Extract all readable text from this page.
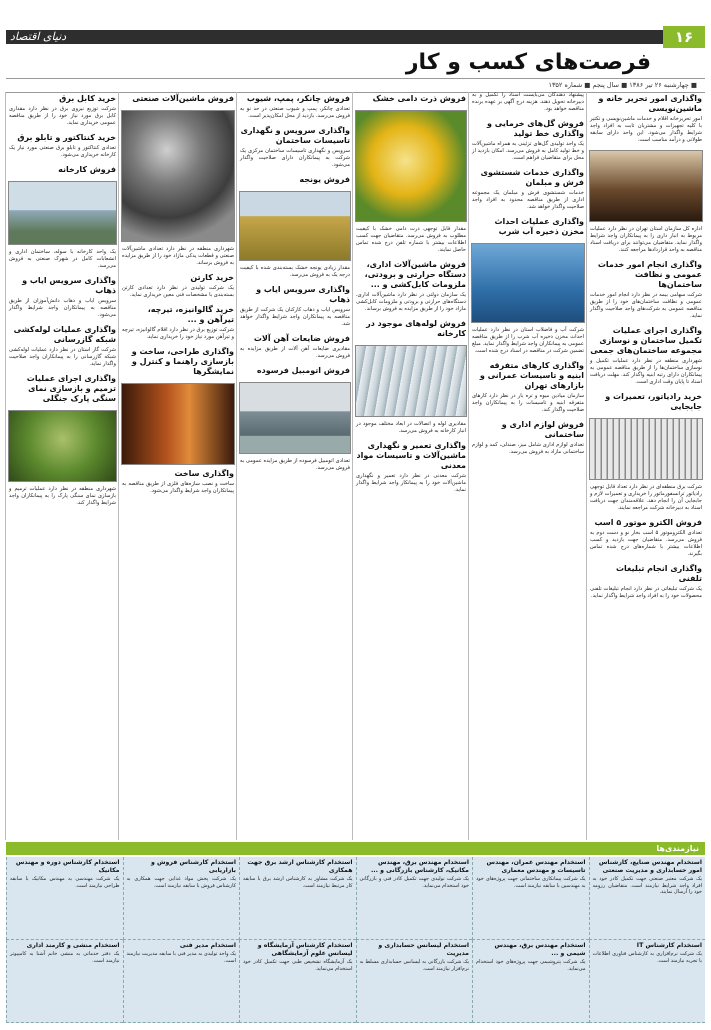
دنیای اقتصاد	۱۶
فرصت‌های کسب و کار
■ چهارشنبه ۲۶ تیر ۱۳۸۶ ■ سال پنجم ■ شماره ۱۳۵۲
واگذاری امور تحریر خانه و ماشین‌نویسی

امور تحریرخانه اقلام و خدمات ماشین‌نویسی و تکثیر با کلیه تجهیزات و مشتریان ثابت به افراد واجد شرایط واگذار می‌شود. این واحد دارای سابقه طولانی و درآمد مناسب است.

اداره کل سازمان استان تهران در نظر دارد عملیات مربوط به انبار داری را به پیمانکاران واجد شرایط واگذار نماید. متقاضیان می‌توانند برای دریافت اسناد مناقصه به واحد قراردادها مراجعه کنند.

واگذاری انجام امور خدمات عمومی و نظافت ساختمان‌ها

شرکت سهامی بیمه در نظر دارد انجام امور خدمات عمومی و نظافت ساختمان‌های خود را از طریق مناقصه عمومی به شرکت‌های واجد صلاحیت واگذار نماید.

واگذاری اجرای عملیات تکمیل ساختمان و نوسازی مجموعه ساختمان‌های جمعی

شهرداری منطقه در نظر دارد عملیات تکمیل و نوسازی ساختمان‌ها را از طریق مناقصه عمومی به پیمانکاران دارای رتبه ابنیه واگذار کند. مهلت دریافت اسناد تا پایان وقت اداری است.

خرید رادیاتور، تعمیرات و جابجایی

شرکت برق منطقه‌ای در نظر دارد تعداد قابل توجهی رادیاتور ترانسفورماتور را خریداری و تعمیرات لازم و جابجایی آن را انجام دهد. علاقه‌مندان جهت دریافت اسناد به دبیرخانه شرکت مراجعه نمایند.

فروش الکترو موتور ۵ اسب

تعدادی الکتروموتور ۵ اسب بخار نو و دست دوم به فروش می‌رسد. متقاضیان جهت بازدید و کسب اطلاعات بیشتر با شماره‌های درج شده تماس بگیرند.

واگذاری انجام تبلیغات تلفنی

یک شرکت تبلیغاتی در نظر دارد انجام تبلیغات تلفنی محصولات خود را به افراد واجد شرایط واگذار نماید.

پیشنهاد دهندگان می‌بایست اسناد را تکمیل و به دبیرخانه تحویل دهند. هزینه درج آگهی بر عهده برنده مناقصه خواهد بود.

فروش گل‌های خرمایی و واگذاری خط تولید

یک واحد تولیدی گل‌های تزئینی به همراه ماشین‌آلات و خط تولید کامل به فروش می‌رسد. امکان بازدید از محل برای متقاضیان فراهم است.

واگذاری خدمات شستشوی فرش و مبلمان

خدمات شستشوی فرش و مبلمان یک مجموعه اداری از طریق مناقصه محدود به افراد واجد صلاحیت واگذار خواهد شد.

واگذاری عملیات احداث مخزن ذخیره آب شرب

شرکت آب و فاضلاب استان در نظر دارد عملیات احداث مخزن ذخیره آب شرب را از طریق مناقصه عمومی به پیمانکاران واجد شرایط واگذار نماید. مبلغ تضمین شرکت در مناقصه در اسناد درج شده است.

واگذاری کارهای متفرقه ابنیه و تاسیسات عمرانی و بازارهای تهران

سازمان میادین میوه و تره بار در نظر دارد کارهای متفرقه ابنیه و تاسیسات را به پیمانکاران واجد صلاحیت واگذار کند.

فروش لوازم اداری و ساختمانی

تعدادی لوازم اداری شامل میز، صندلی، کمد و لوازم ساختمانی مازاد به فروش می‌رسد.

فروش ذرت دامی خشک

مقدار قابل توجهی ذرت دامی خشک با کیفیت مطلوب به فروش می‌رسد. متقاضیان جهت کسب اطلاعات بیشتر با شماره تلفن درج شده تماس حاصل نمایند.

فروش ماشین‌آلات اداری، دستگاه حرارتی و برودتی، ملزومات کابل‌کشی و ...

یک سازمان دولتی در نظر دارد ماشین‌آلات اداری، دستگاه‌های حرارتی و برودتی و ملزومات کابل‌کشی مازاد خود را از طریق مزایده به فروش برساند.

فروش لوله‌های موجود در کارخانه

مقادیری لوله و اتصالات در ابعاد مختلف موجود در انبار کارخانه به فروش می‌رسد.

واگذاری تعمیر و نگهداری ماشین‌آلات و تاسیسات مواد معدنی

شرکت معدنی در نظر دارد تعمیر و نگهداری ماشین‌آلات خود را به پیمانکار واجد شرایط واگذار نماید.

فروش چانکر، پمپ، شیوب

تعدادی چانکر، پمپ و شیوب صنعتی در حد نو به فروش می‌رسد. بازدید از محل امکان‌پذیر است.

واگذاری سرویس و نگهداری تاسیسات ساختمان

سرویس و نگهداری تاسیسات ساختمان مرکزی یک شرکت به پیمانکاران دارای صلاحیت واگذار می‌شود.

فروش یونجه

مقدار زیادی یونجه خشک بسته‌بندی شده با کیفیت درجه یک به فروش می‌رسد.

واگذاری سرویس ایاب و ذهاب

سرویس ایاب و ذهاب کارکنان یک شرکت از طریق مناقصه به پیمانکاران واجد شرایط واگذار خواهد شد.

فروش ضایعات آهن آلات

مقادیری ضایعات آهن آلات از طریق مزایده به فروش می‌رسد.

فروش اتومبیل فرسوده

تعدادی اتومبیل فرسوده از طریق مزایده عمومی به فروش می‌رسد.

فروش ماشین‌آلات صنعتی

شهرداری منطقه در نظر دارد تعدادی ماشین‌آلات صنعتی و قطعات یدکی مازاد خود را از طریق مزایده به فروش برساند.

خرید کارتن

یک شرکت تولیدی در نظر دارد تعدادی کارتن بسته‌بندی با مشخصات فنی معین خریداری نماید.

خرید گالوانیزه، تیرچه، تیرآهن و ...

شرکت توزیع برق در نظر دارد اقلام گالوانیزه، تیرچه و تیرآهن مورد نیاز خود را خریداری نماید.

واگذاری طراحی، ساخت و بازسازی راهنما و کنترل و نمایشگرها
واگذاری ساخت

ساخت و نصب سازه‌های فلزی از طریق مناقصه به پیمانکاران واجد شرایط واگذار می‌شود.

خرید کابل برق

شرکت توزیع نیروی برق در نظر دارد مقداری کابل برق مورد نیاز خود را از طریق مناقصه عمومی خریداری نماید.

خرید کنتاکتور و تابلو برق

تعدادی کنتاکتور و تابلو برق صنعتی مورد نیاز یک کارخانه خریداری می‌شود.

فروش کارخانه

یک واحد کارخانه با سوله، ساختمان اداری و انشعابات کامل در شهرک صنعتی به فروش می‌رسد.

واگذاری سرویس ایاب و ذهاب

سرویس ایاب و ذهاب دانش‌آموزان از طریق مناقصه به پیمانکاران واجد شرایط واگذار می‌شود.

واگذاری عملیات لوله‌کشی شبکه گازرسانی

شرکت گاز استان در نظر دارد عملیات لوله‌کشی شبکه گازرسانی را به پیمانکاران واجد صلاحیت واگذار نماید.

واگذاری اجرای عملیات ترمیم و بازسازی نمای سنگی پارک جنگلی

شهرداری منطقه در نظر دارد عملیات ترمیم و بازسازی نمای سنگی پارک را به پیمانکاران واجد شرایط واگذار کند.

نیازمندی‌ها
استخدام مهندس صنایع، کارشناس امور حسابداری و مدیریت صنعتی

یک شرکت معتبر صنعتی جهت تکمیل کادر خود به افراد واجد شرایط نیازمند است. متقاضیان رزومه خود را ارسال نمایند.

استخدام مهندس عمران، مهندس تاسیسات و مهندس معماری

یک شرکت پیمانکاری ساختمانی جهت پروژه‌های خود به مهندسین با سابقه نیازمند است.

استخدام مهندس برق، مهندس مکانیک، کارشناس بازرگانی و ...

یک شرکت تولیدی جهت تکمیل کادر فنی و بازرگانی خود استخدام می‌نماید.

استخدام کارشناس ارشد برق جهت همکاری

یک شرکت مشاور به کارشناس ارشد برق با سابقه کار مرتبط نیازمند است.

استخدام کارشناس فروش و بازاریابی

یک شرکت پخش مواد غذایی جهت همکاری به کارشناس فروش با سابقه نیازمند است.

استخدام کارشناس دوره و مهندس مکانیک

یک شرکت مهندسی به مهندس مکانیک با سابقه طراحی نیازمند است.

استخدام کارشناس IT

یک شرکت نرم‌افزاری به کارشناس فناوری اطلاعات با تجربه نیازمند است.

استخدام مهندس برق، مهندس شیمی و ...

یک شرکت پتروشیمی جهت پروژه‌های خود استخدام می‌نماید.

استخدام لیسانس حسابداری و مدیریت

یک شرکت بازرگانی به لیسانس حسابداری مسلط به نرم‌افزار نیازمند است.

استخدام کارشناس آزمایشگاه و لیسانس علوم آزمایشگاهی

یک آزمایشگاه تشخیص طبی جهت تکمیل کادر خود استخدام می‌نماید.

استخدام مدیر فنی

یک واحد تولیدی به مدیر فنی با سابقه مدیریت نیازمند است.

استخدام منشی و کارمند اداری

یک دفتر خدماتی به منشی خانم آشنا به کامپیوتر نیازمند است.
